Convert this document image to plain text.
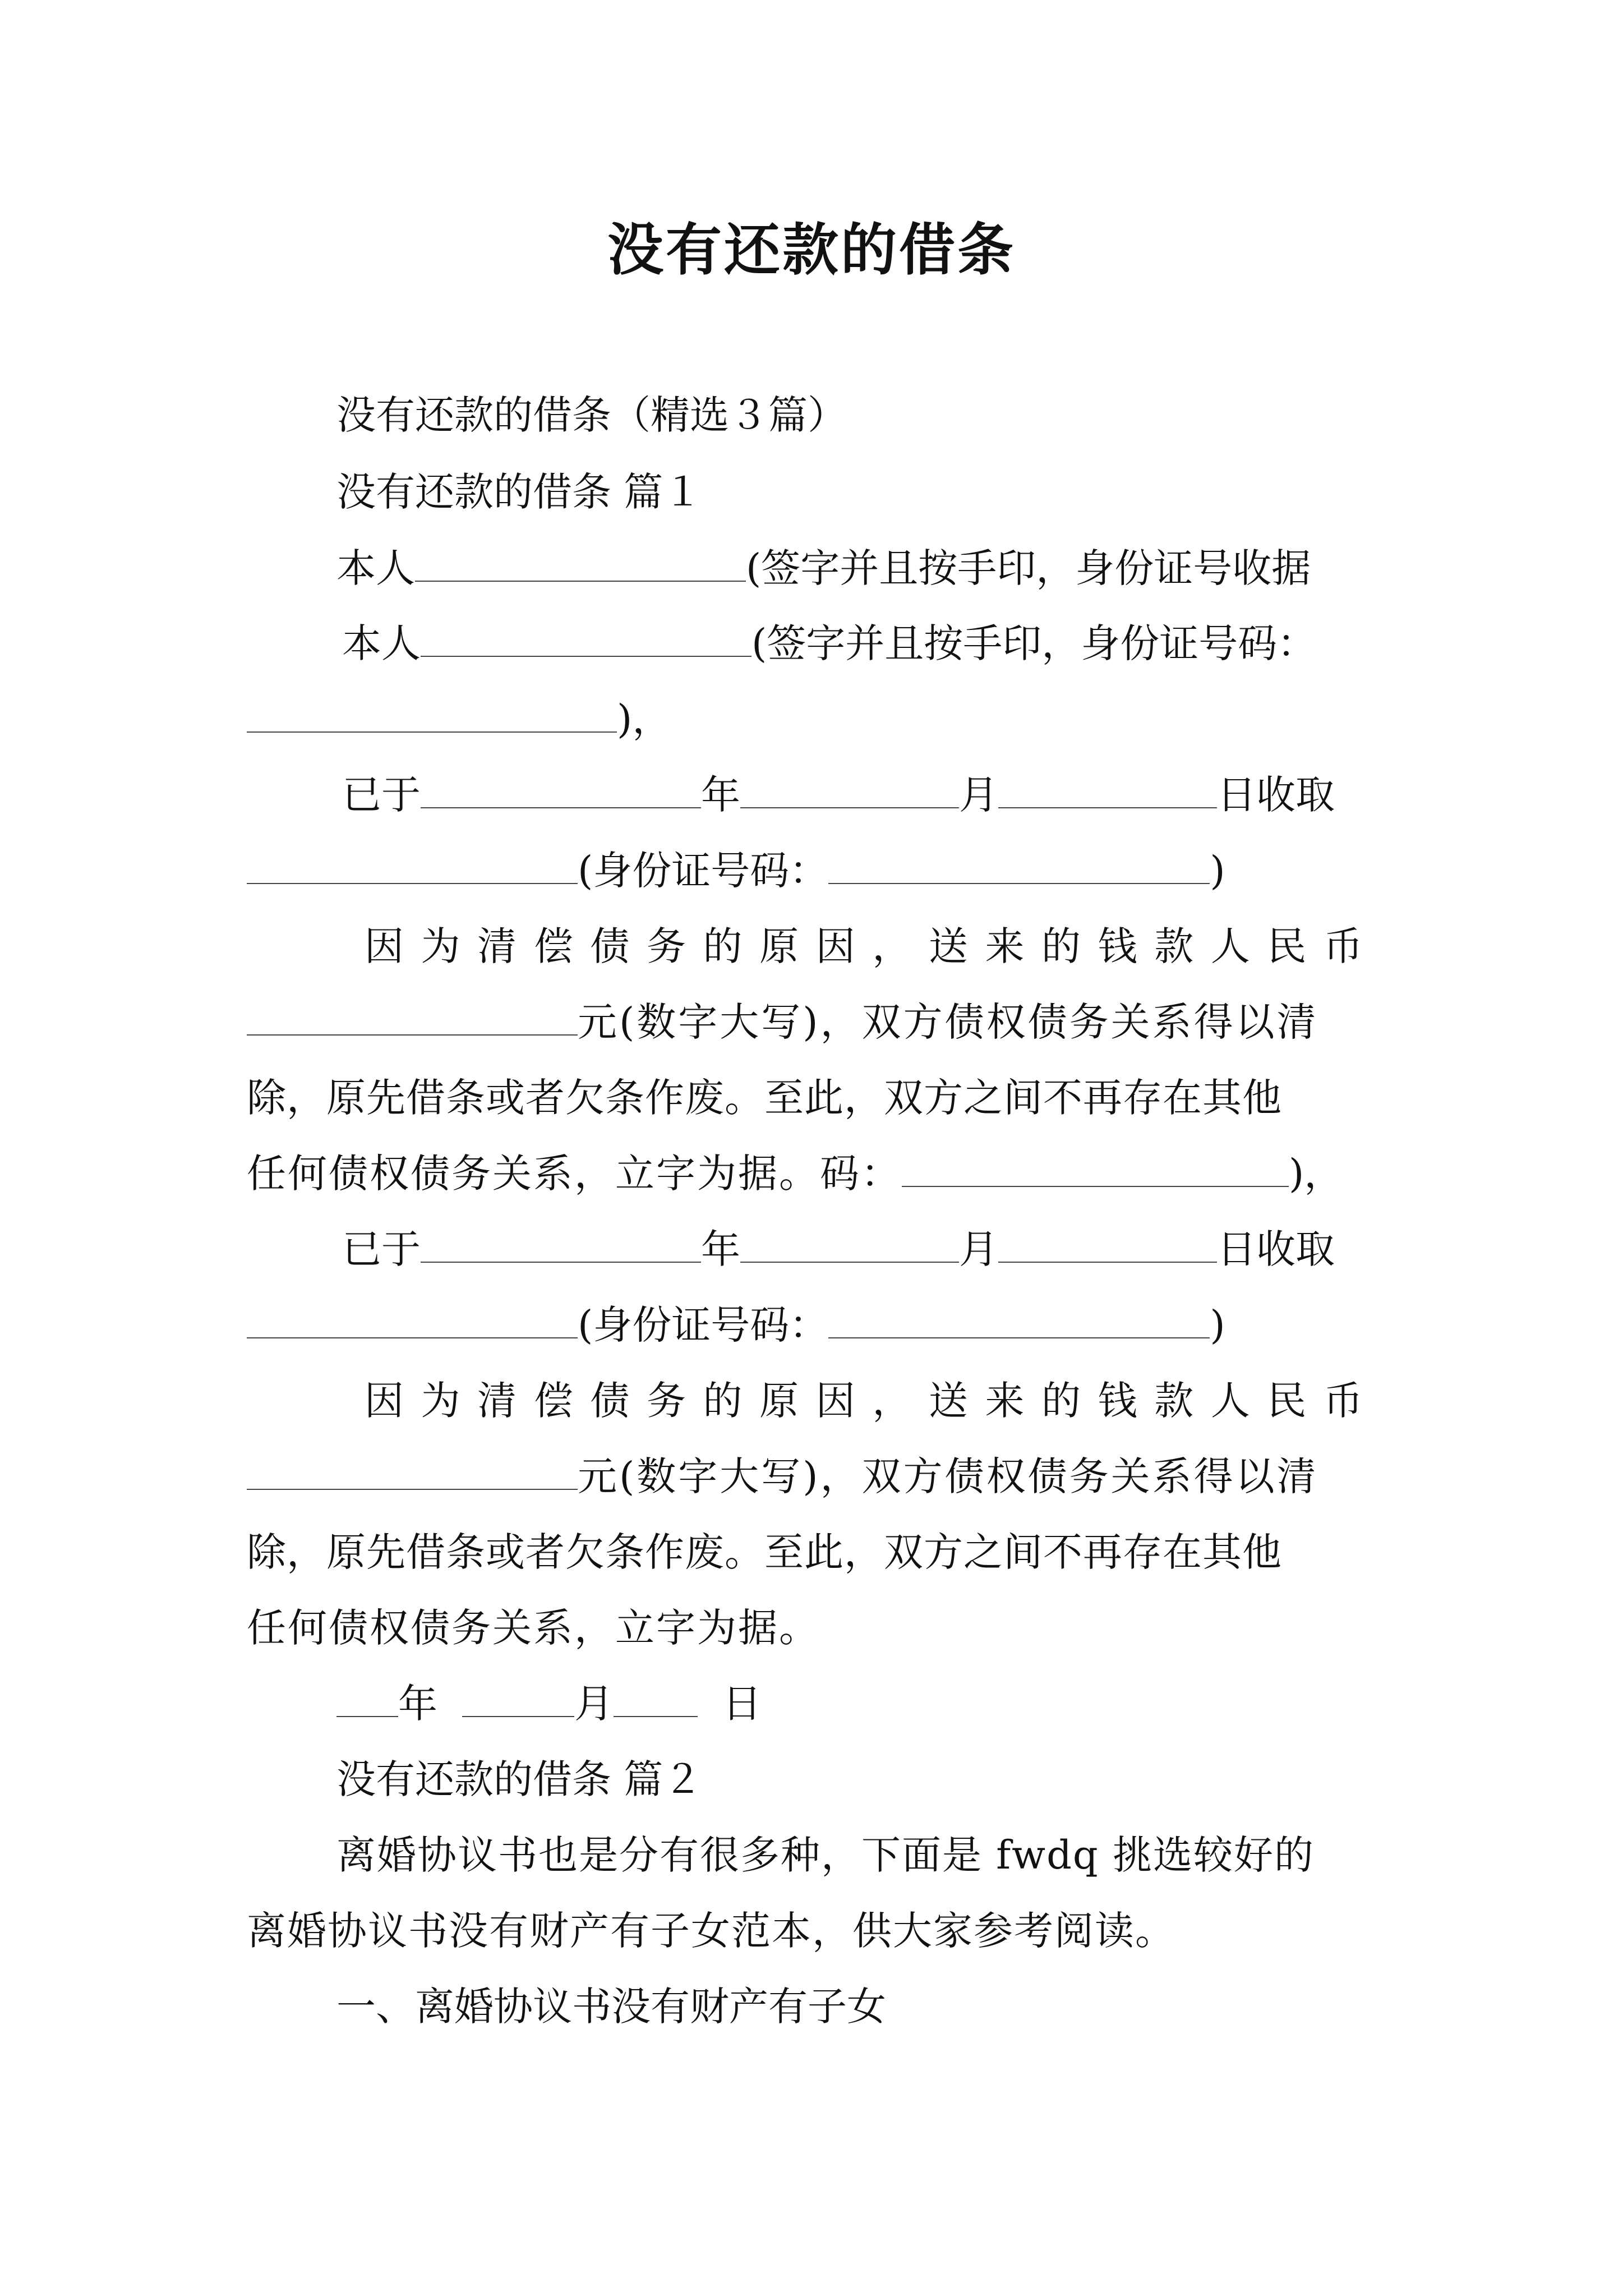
没有还款的借条
没有还款的借条（精选３篇）
没有还款的借条 篇１
本人	(签字并且按手印，身份证号收据
本人	(签字并且按手印，身份证号码：
)，
已于	年	月	日收取
(身份证号码：	)
因为清偿债务的原因，送来的钱款人民币
元(数字大写)，双方债权债务关系得以清
除，原先借条或者欠条作废。至此，双方之间不再存在其他
任何债权债务关系，立字为据。码：	)，
已于	年	月	日收取
(身份证号码：	)
因为清偿债务的原因，送来的钱款人民币
元(数字大写)，双方债权债务关系得以清
除，原先借条或者欠条作废。至此，双方之间不再存在其他
任何债权债务关系，立字为据。
年	月	日
没有还款的借条 篇２
离婚协议书也是分有很多种，下面是 fwdq 挑选较好的
离婚协议书没有财产有子女范本，供大家参考阅读。
一、离婚协议书没有财产有子女
